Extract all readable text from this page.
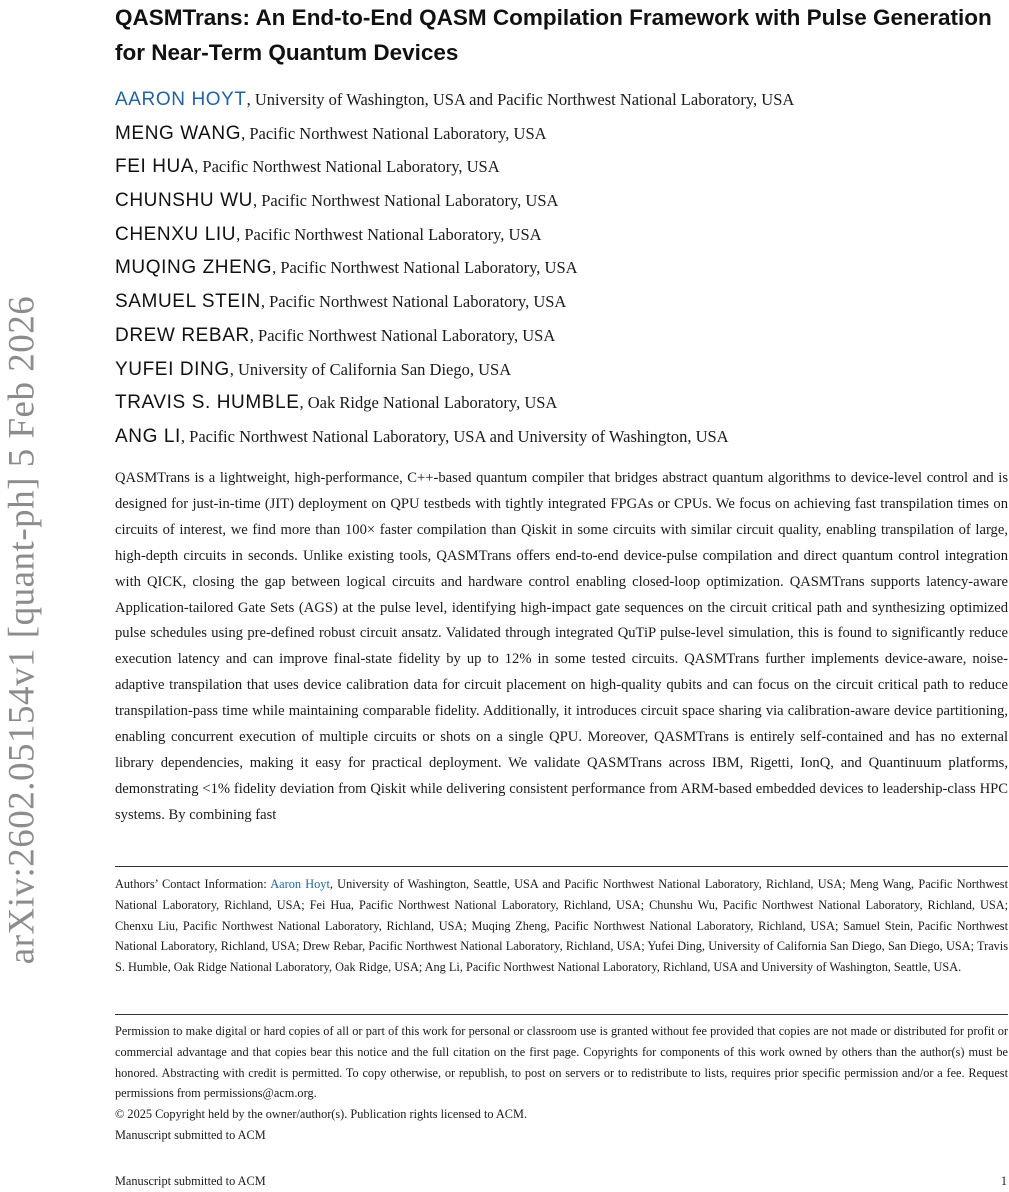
arXiv:2602.05154v1 [quant-ph] 5 Feb 2026
QASMTrans: An End-to-End QASM Compilation Framework with Pulse Generation for Near-Term Quantum Devices
AARON HOYT, University of Washington, USA and Pacific Northwest National Laboratory, USA
MENG WANG, Pacific Northwest National Laboratory, USA
FEI HUA, Pacific Northwest National Laboratory, USA
CHUNSHU WU, Pacific Northwest National Laboratory, USA
CHENXU LIU, Pacific Northwest National Laboratory, USA
MUQING ZHENG, Pacific Northwest National Laboratory, USA
SAMUEL STEIN, Pacific Northwest National Laboratory, USA
DREW REBAR, Pacific Northwest National Laboratory, USA
YUFEI DING, University of California San Diego, USA
TRAVIS S. HUMBLE, Oak Ridge National Laboratory, USA
ANG LI, Pacific Northwest National Laboratory, USA and University of Washington, USA
QASMTrans is a lightweight, high-performance, C++-based quantum compiler that bridges abstract quantum algorithms to device-level control and is designed for just-in-time (JIT) deployment on QPU testbeds with tightly integrated FPGAs or CPUs. We focus on achieving fast transpilation times on circuits of interest, we find more than 100× faster compilation than Qiskit in some circuits with similar circuit quality, enabling transpilation of large, high-depth circuits in seconds. Unlike existing tools, QASMTrans offers end-to-end device-pulse compilation and direct quantum control integration with QICK, closing the gap between logical circuits and hardware control enabling closed-loop optimization. QASMTrans supports latency-aware Application-tailored Gate Sets (AGS) at the pulse level, identifying high-impact gate sequences on the circuit critical path and synthesizing optimized pulse schedules using pre-defined robust circuit ansatz. Validated through integrated QuTiP pulse-level simulation, this is found to significantly reduce execution latency and can improve final-state fidelity by up to 12% in some tested circuits. QASMTrans further implements device-aware, noise-adaptive transpilation that uses device calibration data for circuit placement on high-quality qubits and can focus on the circuit critical path to reduce transpilation-pass time while maintaining comparable fidelity. Additionally, it introduces circuit space sharing via calibration-aware device partitioning, enabling concurrent execution of multiple circuits or shots on a single QPU. Moreover, QASMTrans is entirely self-contained and has no external library dependencies, making it easy for practical deployment. We validate QASMTrans across IBM, Rigetti, IonQ, and Quantinuum platforms, demonstrating <1% fidelity deviation from Qiskit while delivering consistent performance from ARM-based embedded devices to leadership-class HPC systems. By combining fast
Authors’ Contact Information: Aaron Hoyt, University of Washington, Seattle, USA and Pacific Northwest National Laboratory, Richland, USA; Meng Wang, Pacific Northwest National Laboratory, Richland, USA; Fei Hua, Pacific Northwest National Laboratory, Richland, USA; Chunshu Wu, Pacific Northwest National Laboratory, Richland, USA; Chenxu Liu, Pacific Northwest National Laboratory, Richland, USA; Muqing Zheng, Pacific Northwest National Laboratory, Richland, USA; Samuel Stein, Pacific Northwest National Laboratory, Richland, USA; Drew Rebar, Pacific Northwest National Laboratory, Richland, USA; Yufei Ding, University of California San Diego, San Diego, USA; Travis S. Humble, Oak Ridge National Laboratory, Oak Ridge, USA; Ang Li, Pacific Northwest National Laboratory, Richland, USA and University of Washington, Seattle, USA.
Permission to make digital or hard copies of all or part of this work for personal or classroom use is granted without fee provided that copies are not made or distributed for profit or commercial advantage and that copies bear this notice and the full citation on the first page. Copyrights for components of this work owned by others than the author(s) must be honored. Abstracting with credit is permitted. To copy otherwise, or republish, to post on servers or to redistribute to lists, requires prior specific permission and/or a fee. Request permissions from permissions@acm.org.
© 2025 Copyright held by the owner/author(s). Publication rights licensed to ACM.
Manuscript submitted to ACM
Manuscript submitted to ACM	1
